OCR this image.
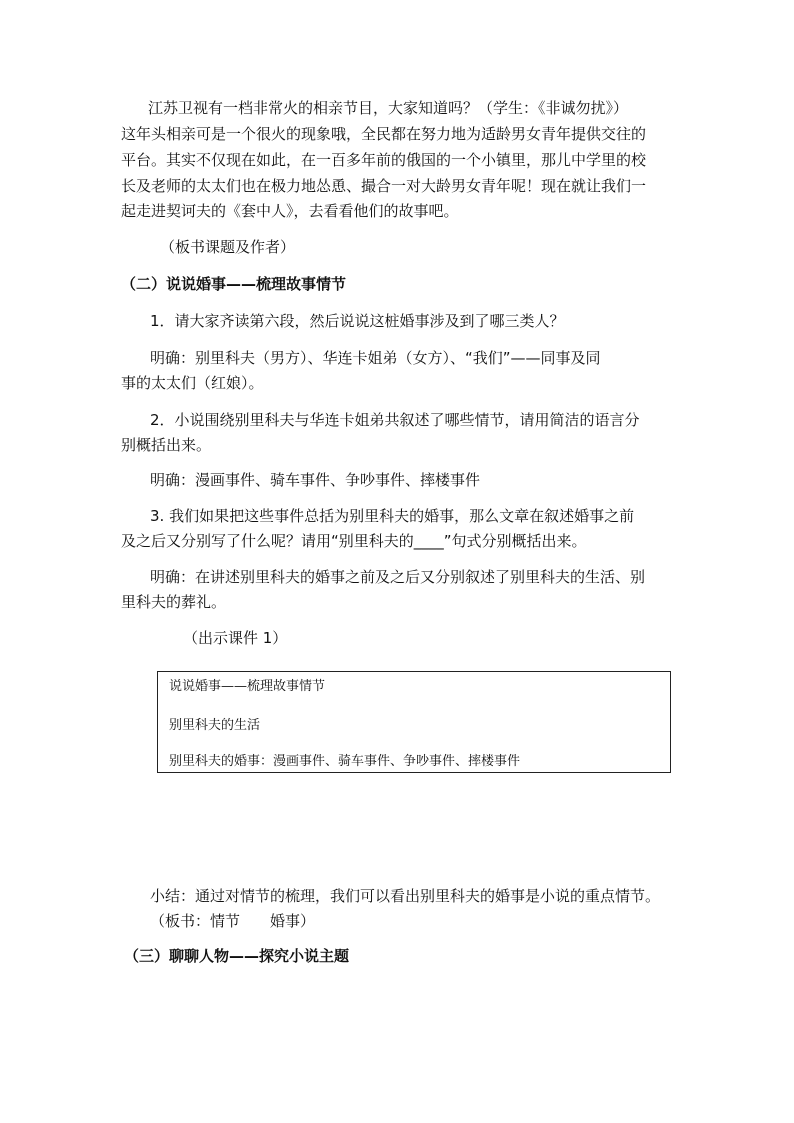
江苏卫视有一档非常火的相亲节目，大家知道吗？（学生：《非诚勿扰》）
这年头相亲可是一个很火的现象哦，全民都在努力地为适龄男女青年提供交往的
平台。其实不仅现在如此，在一百多年前的俄国的一个小镇里，那儿中学里的校
长及老师的太太们也在极力地怂恿、撮合一对大龄男女青年呢！现在就让我们一
起走进契诃夫的《套中人》，去看看他们的故事吧。
（板书课题及作者）
（二）说说婚事——梳理故事情节
1．请大家齐读第六段，然后说说这桩婚事涉及到了哪三类人？
明确：别里科夫（男方）、华连卡姐弟（女方）、“我们”——同事及同
事的太太们（红娘）。
2．小说围绕别里科夫与华连卡姐弟共叙述了哪些情节，请用简洁的语言分
别概括出来。
明确：漫画事件、骑车事件、争吵事件、摔楼事件
3. 我们如果把这些事件总括为别里科夫的婚事，那么文章在叙述婚事之前
及之后又分别写了什么呢？请用“别里科夫的____”句式分别概括出来。
明确：在讲述别里科夫的婚事之前及之后又分别叙述了别里科夫的生活、别
里科夫的葬礼。
（出示课件 1）
说说婚事——梳理故事情节
别里科夫的生活
别里科夫的婚事：漫画事件、骑车事件、争吵事件、摔楼事件
小结：通过对情节的梳理，我们可以看出别里科夫的婚事是小说的重点情节。
（板书：情节　　婚事）
（三）聊聊人物——探究小说主题
